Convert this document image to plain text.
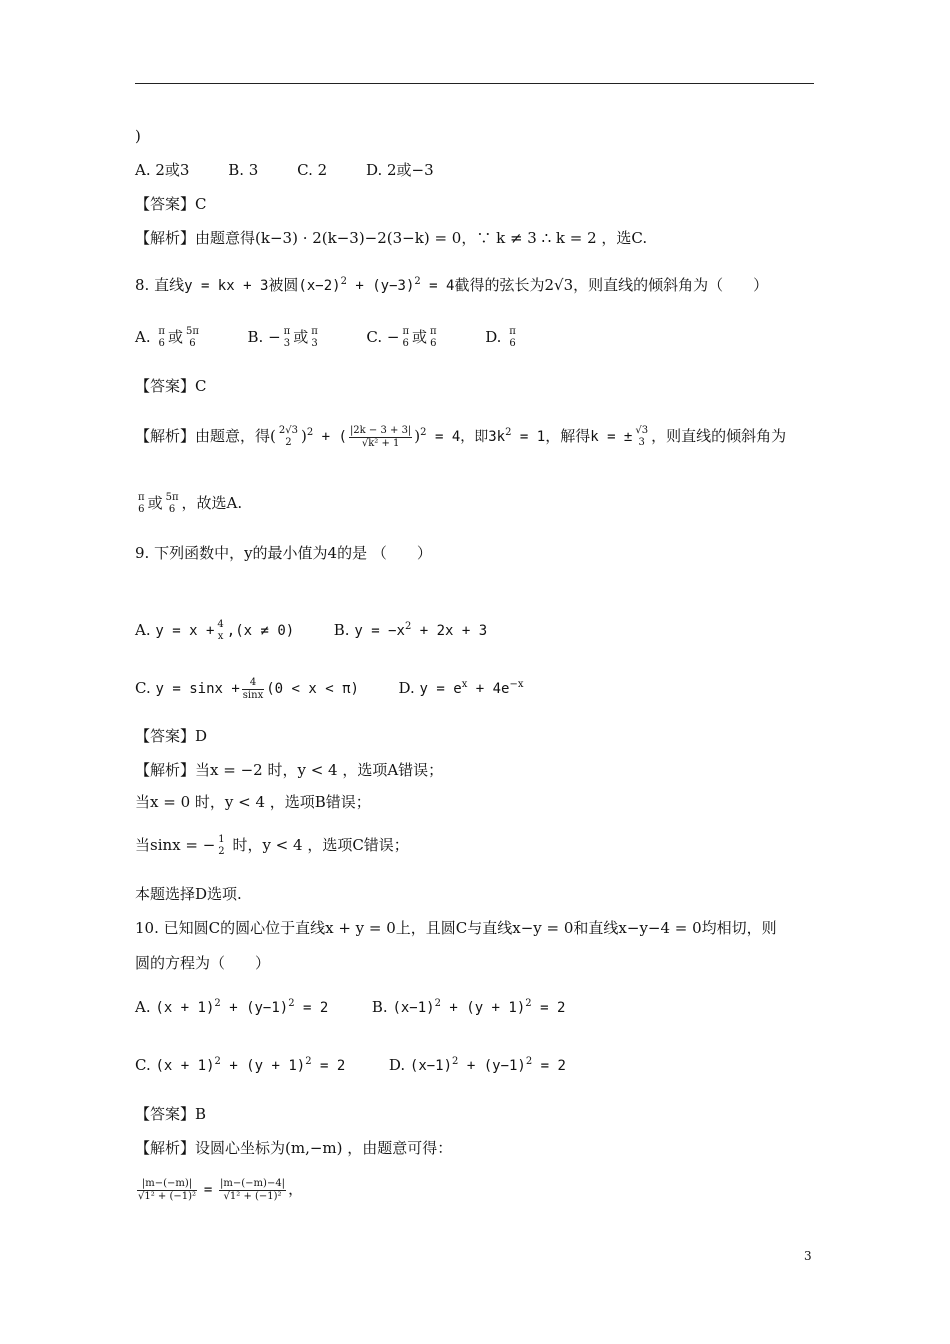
)
A. 2或3	B. 3	C. 2	D. 2或−3
【答案】C
【解析】由题意得(k−3) · 2(k−3)−2(3−k) = 0，∵ k ≠ 3 ∴ k = 2 ，选C.
8. 直线y = kx + 3被圆$(x-2)^2 + (y-3)^2 = 4$截得的弦长为2√3，则直线的倾斜角为（　　）
A. π
6 或 5π
6	B. − π
3 或 π
3	C. − π
6 或 π
6	D. π
6
【答案】C
【解析】由题意，得( 2√3
2 )$^2$ + ( $\frac{|2k - 3 + 3|}{\text{√k² + 1}} )^2 = 4$，即$3k^2 = 1$，解得k = ± √3
3 ，则直线的倾斜角为
π
6 或 5π
6 ，故选A.
9. 下列函数中，y的最小值为4的是 （　　）
A. y = x + 4
x ,(x ≠ 0)	B. $y = -x^2 + 2x + 3$
C. $y = \sin x + \frac{4}{\sin x} (0 < x < \pi)$	D. $y = e^x + 4e^{-x}$
【答案】D
【解析】当x = −2 时，y < 4 ，选项A错误；
当x = 0 时，y < 4 ，选项B错误；
当sinx = − 1
2 时，y < 4 ，选项C错误；
本题选择D选项.
10. 已知圆C的圆心位于直线x + y = 0上，且圆C与直线x−y = 0和直线x−y−4 = 0均相切，则
圆的方程为（　　）
A. $(x + 1)^2 + (y-1)^2 = 2$	B. $(x-1)^2 + (y + 1)^2 = 2$
C. $(x + 1)^2 + (y + 1)^2 = 2$	D. $(x-1)^2 + (y-1)^2 = 2$
【答案】B
【解析】设圆心坐标为(m,−m) ，由题意可得：
$\frac{|m-(-m)|}{\text{√1² + (−1)²}} = \frac{|m-(-m)-4|}{\text{√1² + (−1)²}}$ ，
3
